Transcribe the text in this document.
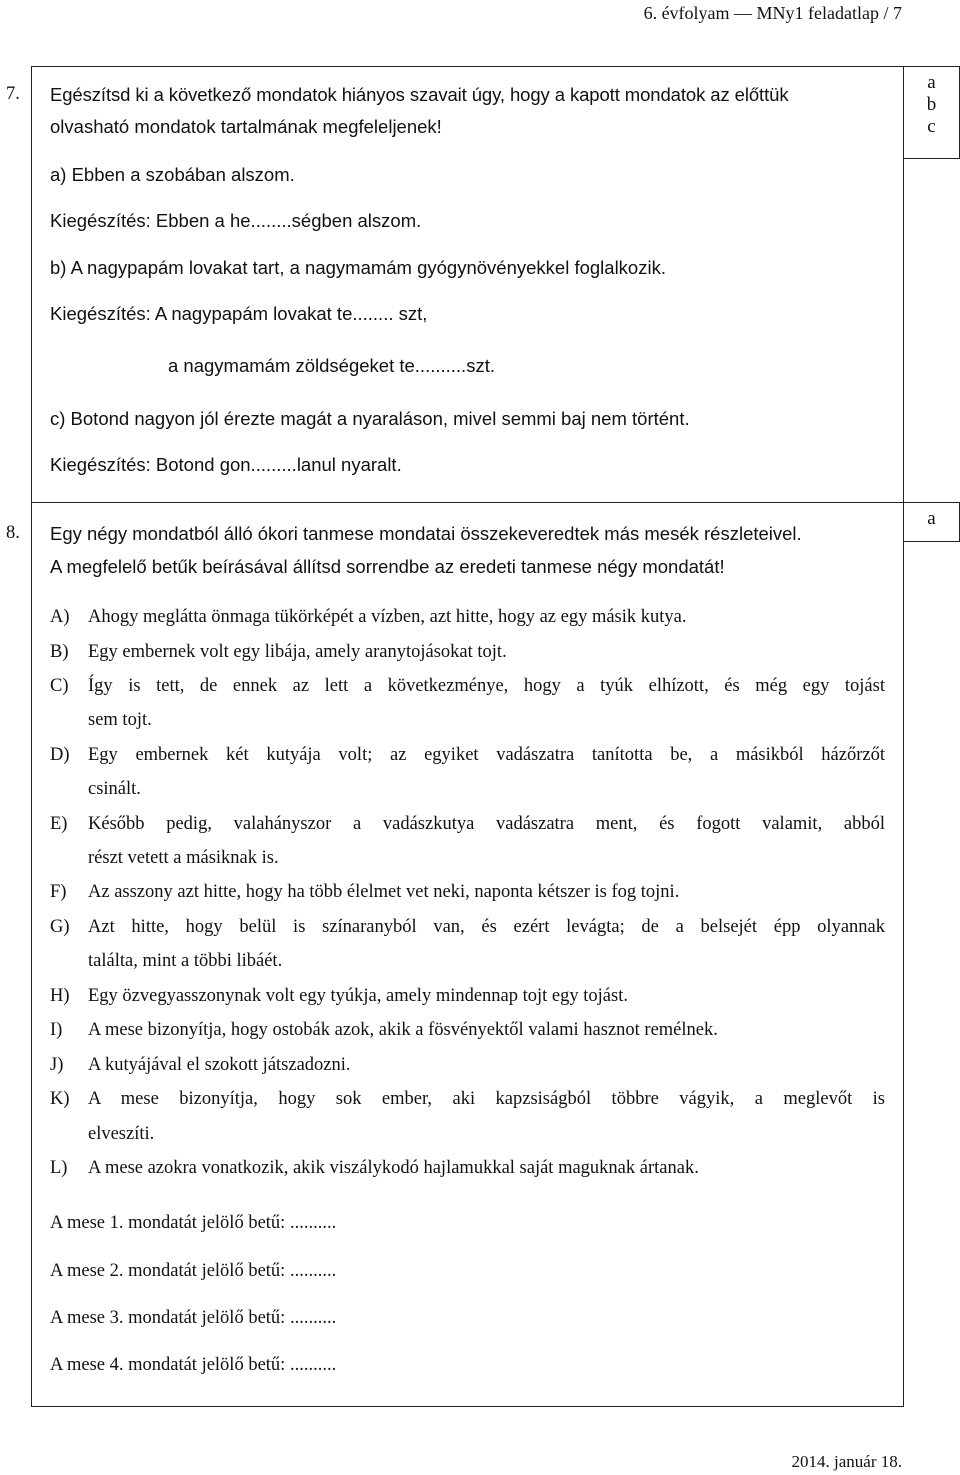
6. évfolyam — MNy1 feladatlap / 7
a
b
c
7. Egészítsd ki a következő mondatok hiányos szavait úgy, hogy a kapott mondatok az előttük
olvasható mondatok tartalmának megfeleljenek!
a) Ebben a szobában alszom.
Kiegészítés: Ebben a he........ségben alszom.
b) A nagypapám lovakat tart, a nagymamám gyógynövényekkel foglalkozik.
Kiegészítés: A nagypapám lovakat te........ szt,
a nagymamám zöldségeket te..........szt.
c) Botond nagyon jól érezte magát a nyaraláson, mivel semmi baj nem történt.
Kiegészítés: Botond gon.........lanul nyaralt.
a
8. Egy négy mondatból álló ókori tanmese mondatai összekeveredtek más mesék részleteivel.
A megfelelő betűk beírásával állítsd sorrendbe az eredeti tanmese négy mondatát!
A) Ahogy meglátta önmaga tükörképét a vízben, azt hitte, hogy az egy másik kutya.
B) Egy embernek volt egy libája, amely aranytojásokat tojt.
C) Így is tett, de ennek az lett a következménye, hogy a tyúk elhízott, és még egy tojást
sem tojt.
D) Egy embernek két kutyája volt; az egyiket vadászatra tanította be, a másikból házőrzőt
csinált.
E) Később pedig, valahányszor a vadászkutya vadászatra ment, és fogott valamit, abból
részt vetett a másiknak is.
F) Az asszony azt hitte, hogy ha több élelmet vet neki, naponta kétszer is fog tojni.
G) Azt hitte, hogy belül is színaranyból van, és ezért levágta; de a belsejét épp olyannak
találta, mint a többi libáét.
H) Egy özvegyasszonynak volt egy tyúkja, amely mindennap tojt egy tojást.
I) A mese bizonyítja, hogy ostobák azok, akik a fösvényektől valami hasznot remélnek.
J) A kutyájával el szokott játszadozni.
K) A mese bizonyítja, hogy sok ember, aki kapzsiságból többre vágyik, a meglevőt is
elveszíti.
L) A mese azokra vonatkozik, akik viszálykodó hajlamukkal saját maguknak ártanak.
A mese 1. mondatát jelölő betű: ..........
A mese 2. mondatát jelölő betű: ..........
A mese 3. mondatát jelölő betű: ..........
A mese 4. mondatát jelölő betű: ..........
2014. január 18.
